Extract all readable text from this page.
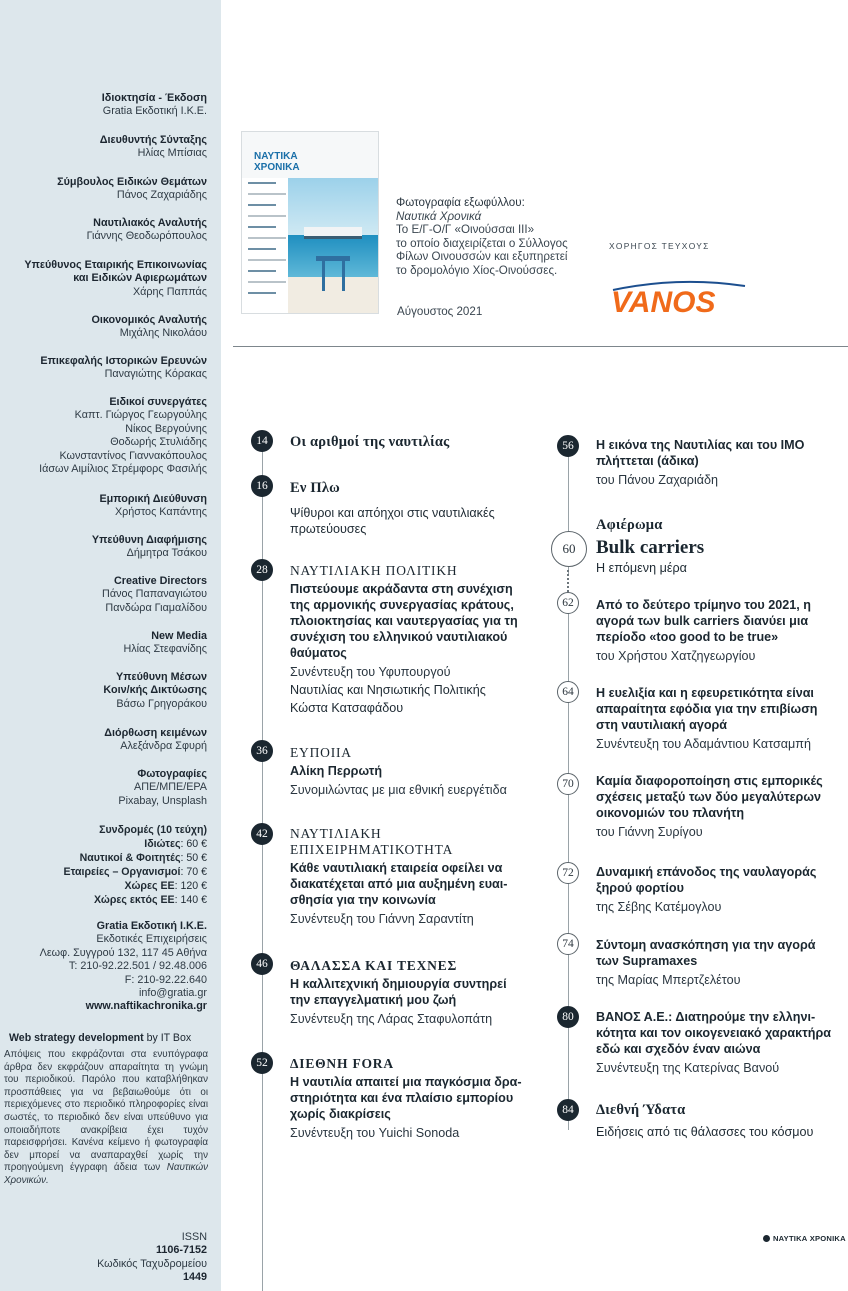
Ιδιοκτησία - Έκδοση
Gratia Εκδοτική Ι.Κ.Ε.
Διευθυντής Σύνταξης
Ηλίας Μπίσιας
Σύμβουλος Ειδικών Θεμάτων
Πάνος Ζαχαριάδης
Ναυτιλιακός Αναλυτής
Γιάννης Θεοδωρόπουλος
Υπεύθυνος Εταιρικής Επικοινωνίας
και Ειδικών Αφιερωμάτων
Χάρης Παππάς
Οικονομικός Αναλυτής
Μιχάλης Νικολάου
Επικεφαλής Ιστορικών Ερευνών
Παναγιώτης Κόρακας
Ειδικοί συνεργάτες
Καπτ. Γιώργος Γεωργούλης
Νίκος Βεργούνης
Θοδωρής Στυλιάδης
Κωνσταντίνος Γιαννακόπουλος
Ιάσων Αιμίλιος Στρέμφορς Φασιλής
Εμπορική Διεύθυνση
Χρήστος Καπάντης
Υπεύθυνη Διαφήμισης
Δήμητρα Τσάκου
Creative Directors
Πάνος Παπαναγιώτου
Πανδώρα Γιαμαλίδου
New Media
Ηλίας Στεφανίδης
Υπεύθυνη Μέσων
Κοιν/κής Δικτύωσης
Βάσω Γρηγοράκου
Διόρθωση κειμένων
Αλεξάνδρα Σφυρή
Φωτογραφίες
ΑΠΕ/ΜΠΕ/EPA
Pixabay, Unsplash
Συνδρομές (10 τεύχη)
Ιδιώτες: 60 €
Ναυτικοί & Φοιτητές: 50 €
Εταιρείες – Οργανισμοί: 70 €
Χώρες ΕΕ: 120 €
Χώρες εκτός ΕΕ: 140 €
Gratia Εκδοτική Ι.Κ.Ε.
Εκδοτικές Επιχειρήσεις
Λεωφ. Συγγρού 132, 117 45 Αθήνα
T: 210-92.22.501 / 92.48.006
F: 210-92.22.640
info@gratia.gr
www.naftikachronika.gr
Web strategy development by IT Box
Απόψεις που εκφράζονται στα ενυπόγραφα άρθρα δεν εκφράζουν απαραίτητα τη γνώμη του περιοδικού. Παρόλο που καταβλήθηκαν προσπάθειες για να βεβαιωθούμε ότι οι περιεχόμενες στο περιοδικό πληροφορίες είναι σωστές, το περιοδικό δεν είναι υπεύθυνο για οποιαδήποτε ανακρίβεια έχει τυχόν παρεισφρήσει. Κανένα κείμενο ή φωτογραφία δεν μπορεί να αναπαραχθεί χωρίς την προηγούμενη έγγραφη άδεια των Ναυτικών Χρονικών.
ISSN
1106-7152
Κωδικός Ταχυδρομείου
1449
ΝΑΥΤΙΚΑ
ΧΡΟΝΙΚΑ
Φωτογραφία εξωφύλλου:
Ναυτικά Χρονικά
Το Ε/Γ-Ο/Γ «Οινούσσαι ΙΙΙ»
το οποίο διαχειρίζεται ο Σύλλογος
Φίλων Οινουσσών και εξυπηρετεί
το δρομολόγιο Χίος-Οινούσσες.
Αύγουστος 2021
ΧΟΡΗΓΟΣ ΤΕΥΧΟΥΣ
VANOS
14	Οι αριθμοί της ναυτιλίας
16	Εν Πλω
Ψίθυροι και απόηχοι στις ναυτιλιακές
πρωτεύουσες
28	ΝΑΥΤΙΛΙΑΚΗ ΠΟΛΙΤΙΚΗ
Πιστεύουμε ακράδαντα στη συνέχιση
της αρμονικής συνεργασίας κράτους,
πλοιοκτησίας και ναυτεργασίας για τη
συνέχιση του ελληνικού ναυτιλιακού
θαύματος
Συνέντευξη του Υφυπουργού
Ναυτιλίας και Νησιωτικής Πολιτικής
Κώστα Κατσαφάδου
36	ΕΥΠΟΙΙΑ
Αλίκη Περρωτή
Συνομιλώντας με μια εθνική ευεργέτιδα
42	ΝΑΥΤΙΛΙΑΚΗ
ΕΠΙΧΕΙΡΗΜΑΤΙΚΟΤΗΤΑ
Κάθε ναυτιλιακή εταιρεία οφείλει να
διακατέχεται από μια αυξημένη ευαι-
σθησία για την κοινωνία
Συνέντευξη του Γιάννη Σαραντίτη
46	ΘΑΛΑΣΣΑ ΚΑΙ ΤΕΧΝΕΣ
Η καλλιτεχνική δημιουργία συντηρεί
την επαγγελματική μου ζωή
Συνέντευξη της Λάρας Σταφυλοπάτη
52	ΔΙΕΘΝΗ FORA
Η ναυτιλία απαιτεί μια παγκόσμια δρα-
στηριότητα και ένα πλαίσιο εμπορίου
χωρίς διακρίσεις
Συνέντευξη του Yuichi Sonoda
56	Η εικόνα της Ναυτιλίας και του ΙΜΟ
πλήττεται (άδικα)
του Πάνου Ζαχαριάδη
60
Αφιέρωμα
Bulk carriers
Η επόμενη μέρα
62	Από το δεύτερο τρίμηνο του 2021, η
αγορά των bulk carriers διανύει μια
περίοδο «too good to be true»
του Χρήστου Χατζηγεωργίου
64	Η ευελιξία και η εφευρετικότητα είναι
απαραίτητα εφόδια για την επιβίωση
στη ναυτιλιακή αγορά
Συνέντευξη του Αδαμάντιου Κατσαμπή
70	Καμία διαφοροποίηση στις εμπορικές
σχέσεις μεταξύ των δύο μεγαλύτερων
οικονομιών του πλανήτη
του Γιάννη Συρίγου
72	Δυναμική επάνοδος της ναυλαγοράς
ξηρού φορτίου
της Σέβης Κατέμογλου
74	Σύντομη ανασκόπηση για την αγορά
των Supramaxes
της Μαρίας Μπερτζελέτου
80	ΒΑΝΟΣ Α.Ε.: Διατηρούμε την ελληνι-
κότητα και τον οικογενειακό χαρακτήρα
εδώ και σχεδόν έναν αιώνα
Συνέντευξη της Κατερίνας Βανού
84	Διεθνή Ύδατα
Ειδήσεις από τις θάλασσες του κόσμου
ΝΑΥΤΙΚΑ ΧΡΟΝΙΚΑ
